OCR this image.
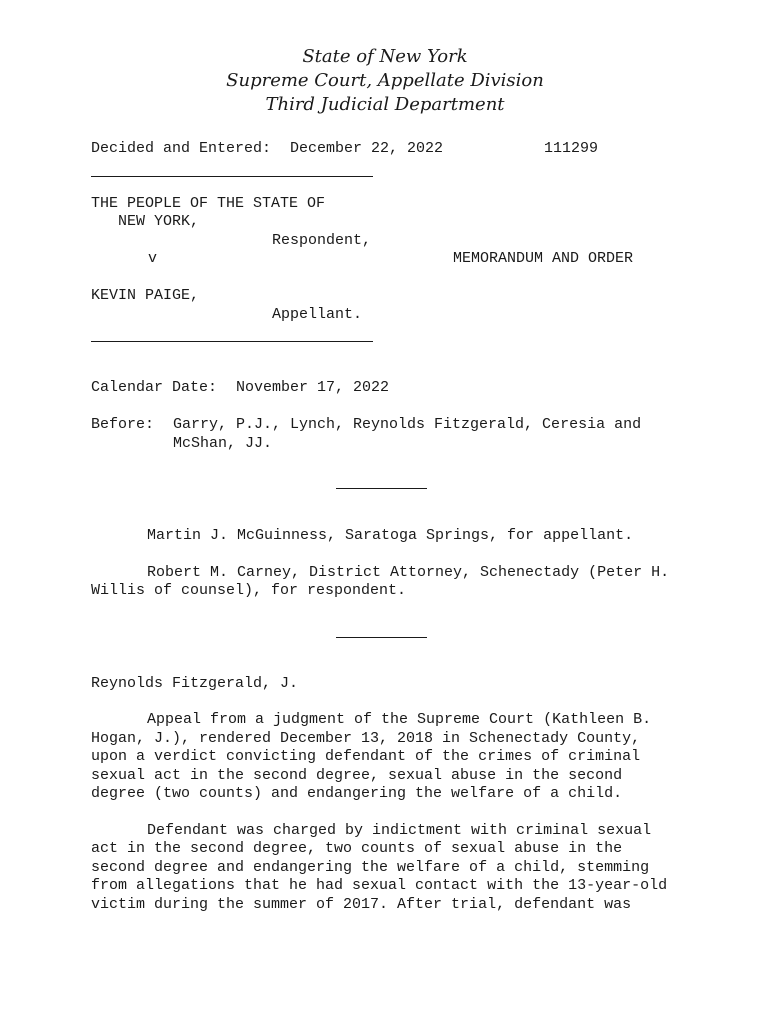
State of New York
Supreme Court, Appellate Division
Third Judicial Department
Decided and Entered: December 22, 2022	111299
THE PEOPLE OF THE STATE OF
NEW YORK,
Respondent,
v	MEMORANDUM AND ORDER
KEVIN PAIGE,
Appellant.
Calendar Date: November 17, 2022
Before: Garry, P.J., Lynch, Reynolds Fitzgerald, Ceresia and
McShan, JJ.
Martin J. McGuinness, Saratoga Springs, for appellant.
Robert M. Carney, District Attorney, Schenectady (Peter H.
Willis of counsel), for respondent.
Reynolds Fitzgerald, J.
Appeal from a judgment of the Supreme Court (Kathleen B.
Hogan, J.), rendered December 13, 2018 in Schenectady County,
upon a verdict convicting defendant of the crimes of criminal
sexual act in the second degree, sexual abuse in the second
degree (two counts) and endangering the welfare of a child.
Defendant was charged by indictment with criminal sexual
act in the second degree, two counts of sexual abuse in the
second degree and endangering the welfare of a child, stemming
from allegations that he had sexual contact with the 13-year-old
victim during the summer of 2017. After trial, defendant was
